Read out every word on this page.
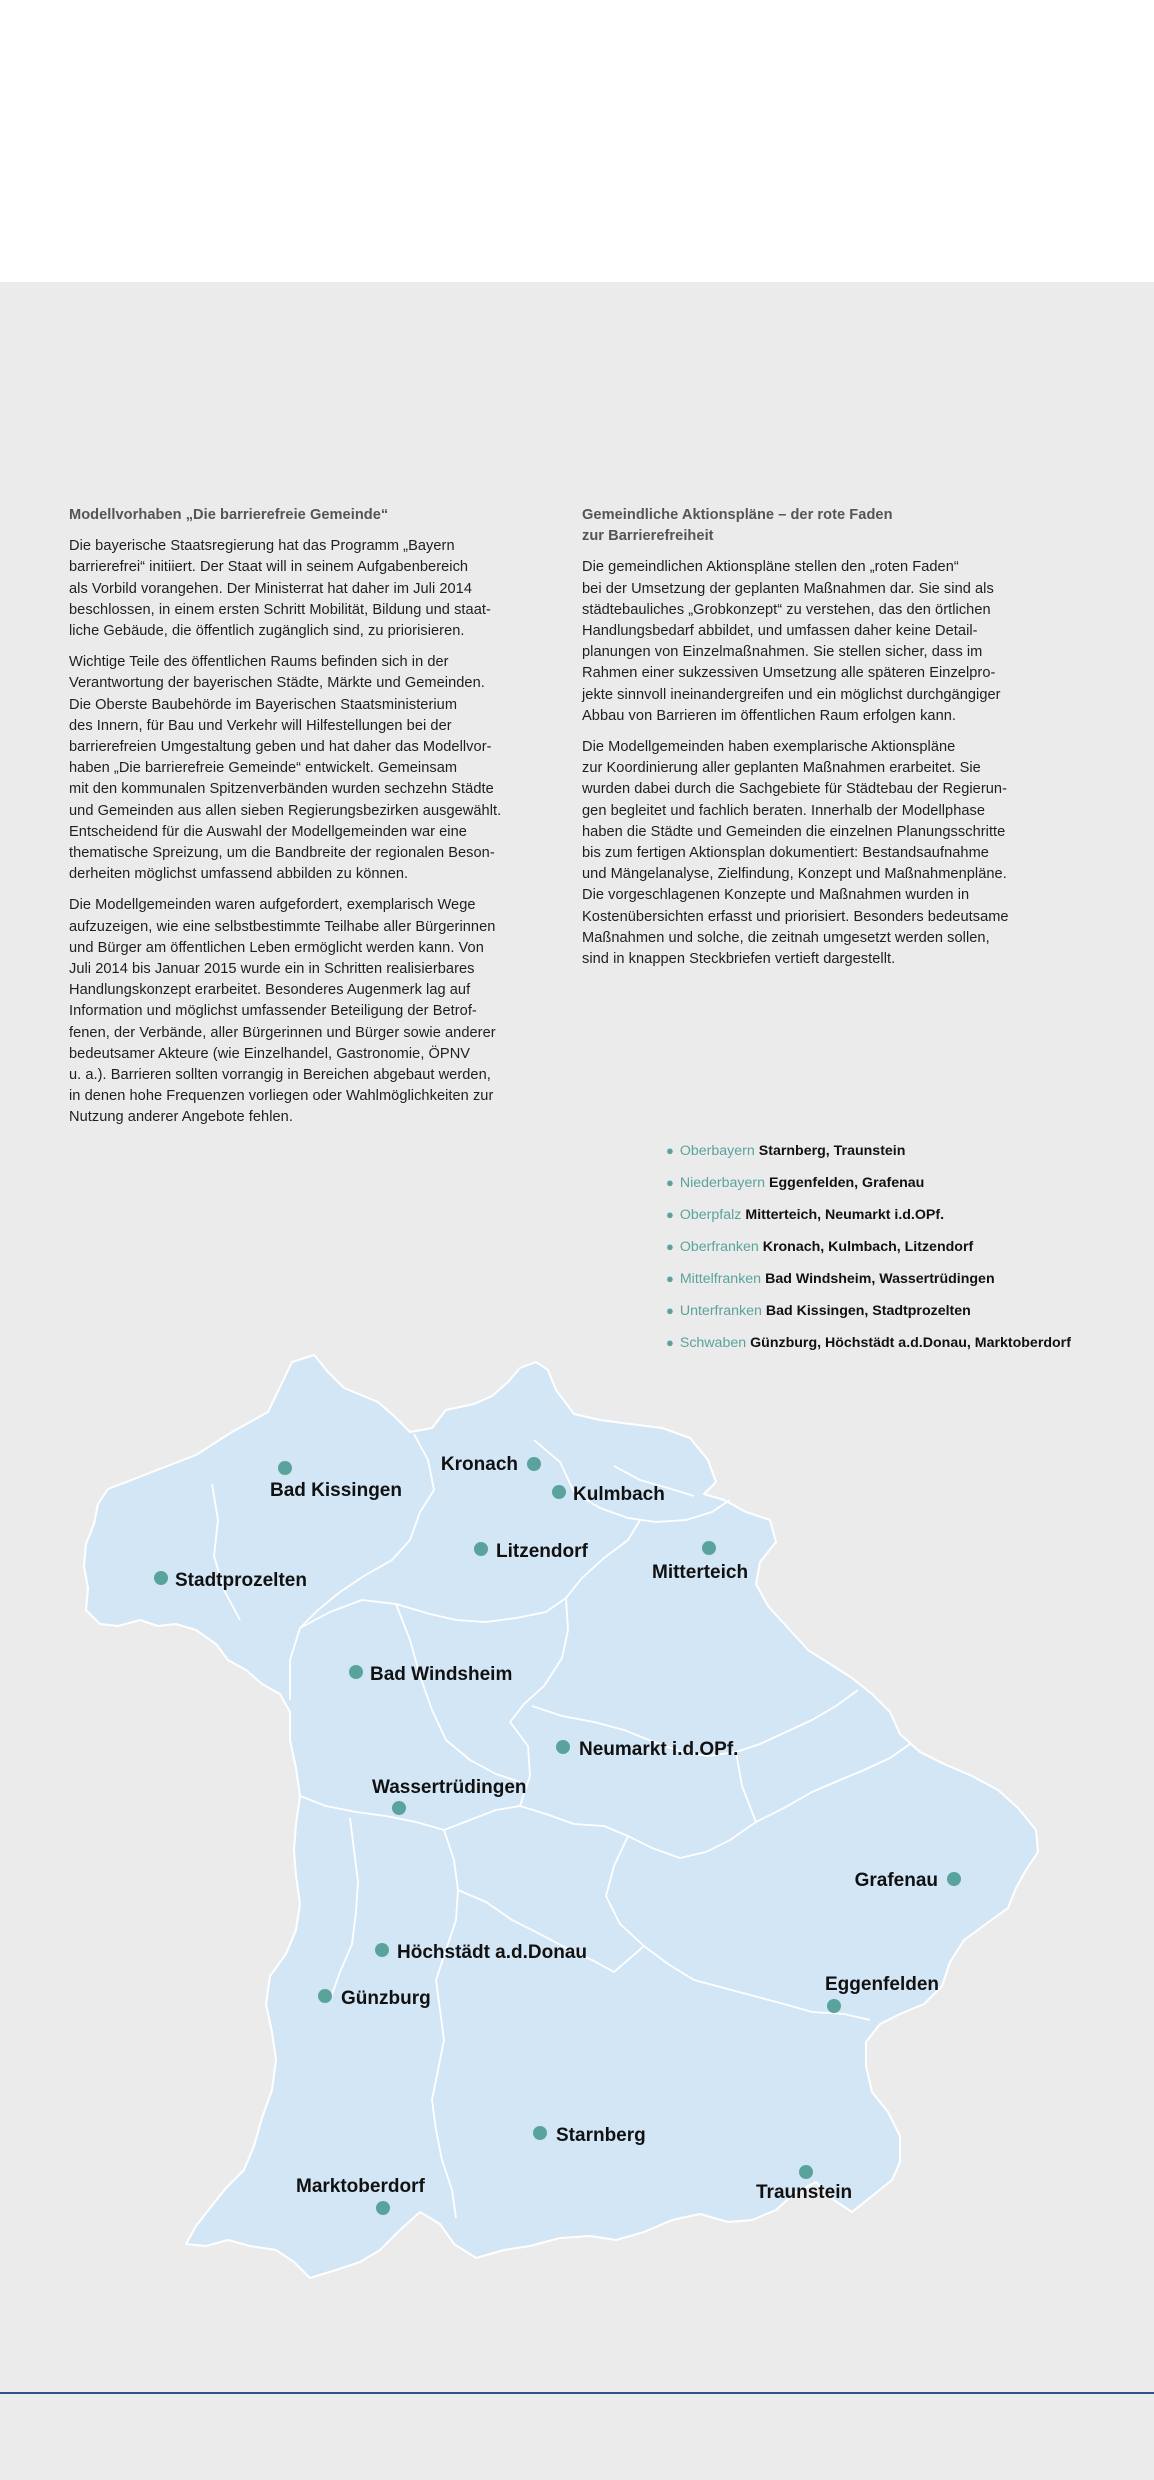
Modellvorhaben „Die barrierefreie Gemeinde“

Die bayerische Staatsregierung hat das Programm „Bayern
barrierefrei“ initiiert. Der Staat will in seinem Aufgabenbereich
als Vorbild vorangehen. Der Ministerrat hat daher im Juli 2014
beschlossen, in einem ersten Schritt Mobilität, Bildung und staat-
liche Gebäude, die öffentlich zugänglich sind, zu priorisieren.

Wichtige Teile des öffentlichen Raums befinden sich in der
Verantwortung der bayerischen Städte, Märkte und Gemeinden.
Die Oberste Baubehörde im Bayerischen Staatsministerium
des Innern, für Bau und Verkehr will Hilfestellungen bei der
barrierefreien Umgestaltung geben und hat daher das Modellvor-
haben „Die barrierefreie Gemeinde“ entwickelt. Gemeinsam
mit den kommunalen Spitzenverbänden wurden sechzehn Städte
und Gemeinden aus allen sieben Regierungsbezirken ausgewählt.
Entscheidend für die Auswahl der Modellgemeinden war eine
thematische Spreizung, um die Bandbreite der regionalen Beson-
derheiten möglichst umfassend abbilden zu können.

Die Modellgemeinden waren aufgefordert, exemplarisch Wege
aufzuzeigen, wie eine selbstbestimmte Teilhabe aller Bürgerinnen
und Bürger am öffentlichen Leben ermöglicht werden kann. Von
Juli 2014 bis Januar 2015 wurde ein in Schritten realisierbares
Handlungskonzept erarbeitet. Besonderes Augenmerk lag auf
Information und möglichst umfassender Beteiligung der Betrof-
fenen, der Verbände, aller Bürgerinnen und Bürger sowie anderer
bedeutsamer Akteure (wie Einzelhandel, Gastronomie, ÖPNV
u. a.). Barrieren sollten vorrangig in Bereichen abgebaut werden,
in denen hohe Frequenzen vorliegen oder Wahlmöglichkeiten zur
Nutzung anderer Angebote fehlen.

Gemeindliche Aktionspläne – der rote Faden
zur Barrierefreiheit

Die gemeindlichen Aktionspläne stellen den „roten Faden“
bei der Umsetzung der geplanten Maßnahmen dar. Sie sind als
städtebauliches „Grobkonzept“ zu verstehen, das den örtlichen
Handlungsbedarf abbildet, und umfassen daher keine Detail-
planungen von Einzelmaßnahmen. Sie stellen sicher, dass im
Rahmen einer sukzessiven Umsetzung alle späteren Einzelpro-
jekte sinnvoll ineinandergreifen und ein möglichst durchgängiger
Abbau von Barrieren im öffentlichen Raum erfolgen kann.

Die Modellgemeinden haben exemplarische Aktionspläne
zur Koordinierung aller geplanten Maßnahmen erarbeitet. Sie
wurden dabei durch die Sachgebiete für Städtebau der Regierun-
gen begleitet und fachlich beraten. Innerhalb der Modellphase
haben die Städte und Gemeinden die einzelnen Planungsschritte
bis zum fertigen Aktionsplan dokumentiert: Bestandsaufnahme
und Mängelanalyse, Zielfindung, Konzept und Maßnahmenpläne.
Die vorgeschlagenen Konzepte und Maßnahmen wurden in
Kostenübersichten erfasst und priorisiert. Besonders bedeutsame
Maßnahmen und solche, die zeitnah umgesetzt werden sollen,
sind in knappen Steckbriefen vertieft dargestellt.

● Oberbayern Starnberg, Traunstein
● Niederbayern Eggenfelden, Grafenau
● Oberpfalz Mitterteich, Neumarkt i.d.OPf.
● Oberfranken Kronach, Kulmbach, Litzendorf
● Mittelfranken Bad Windsheim, Wassertrüdingen
● Unterfranken Bad Kissingen, Stadtprozelten
● Schwaben Günzburg, Höchstädt a.d.Donau, Marktoberdorf
Bad Kissingen
Kronach
Kulmbach
Litzendorf
Mitterteich
Stadtprozelten
Bad Windsheim
Neumarkt i.d.OPf.
Wassertrüdingen
Grafenau
Höchstädt a.d.Donau
Günzburg
Eggenfelden
Starnberg
Marktoberdorf	Traunstein
